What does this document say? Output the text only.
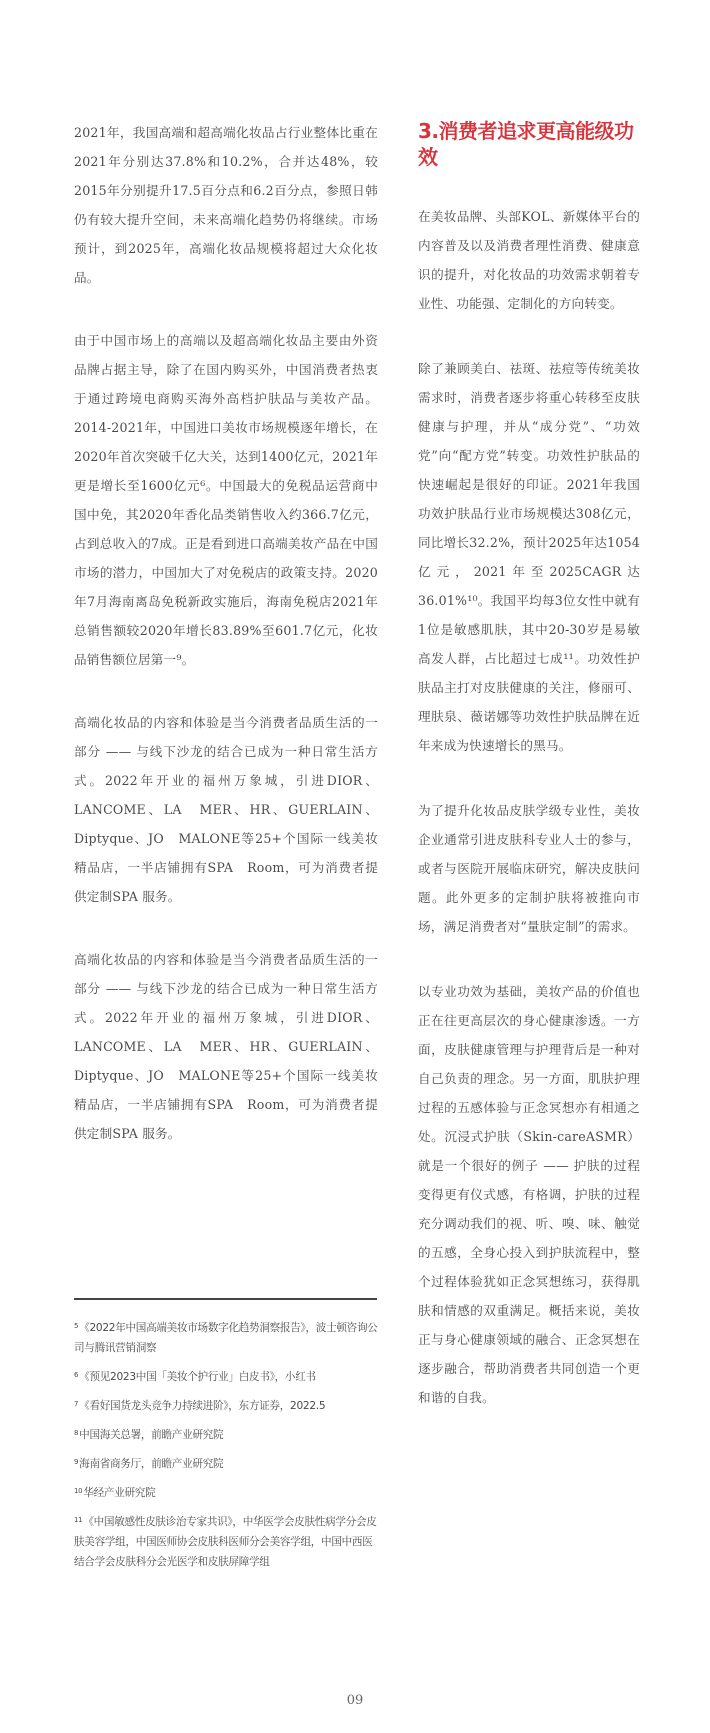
2021年，我国高端和超高端化妆品占行业整体比重在2021年分别达37.8%和10.2%，合并达48%，较2015年分别提升17.5百分点和6.2百分点，参照日韩仍有较大提升空间，未来高端化趋势仍将继续。市场预计，到2025年，高端化妆品规模将超过大众化妆品。

由于中国市场上的高端以及超高端化妆品主要由外资品牌占据主导，除了在国内购买外，中国消费者热衷于通过跨境电商购买海外高档护肤品与美妆产品。2014-2021年，中国进口美妆市场规模逐年增长，在2020年首次突破千亿大关，达到1400亿元，2021年更是增长至1600亿元⁶。中国最大的免税品运营商中国中免，其2020年香化品类销售收入约366.7亿元，占到总收入的7成。正是看到进口高端美妆产品在中国市场的潜力，中国加大了对免税店的政策支持。2020年7月海南离岛免税新政实施后，海南免税店2021年总销售额较2020年增长83.89%至601.7亿元，化妆品销售额位居第一⁹。

高端化妆品的内容和体验是当今消费者品质生活的一部分 —— 与线下沙龙的结合已成为一种日常生活方式。2022年开业的福州万象城，引进DIOR、LANCOME、LA　MER、HR、GUERLAIN、Diptyque、JO　MALONE等25+个国际一线美妆精品店，一半店铺拥有SPA　Room，可为消费者提供定制SPA 服务。

高端化妆品的内容和体验是当今消费者品质生活的一部分 —— 与线下沙龙的结合已成为一种日常生活方式。2022年开业的福州万象城，引进DIOR、LANCOME、LA　MER、HR、GUERLAIN、Diptyque、JO　MALONE等25+个国际一线美妆精品店，一半店铺拥有SPA　Room，可为消费者提供定制SPA 服务。

$^5$《2022年中国高端美妆市场数字化趋势洞察报告》，波士顿咨询公司与腾讯营销洞察
$^6$《预见2023中国「美妆个护行业」白皮书》，小红书
$^7$《看好国货龙头竞争力持续进阶》，东方证券，2022.5
$^8$中国海关总署，前瞻产业研究院
$^9$海南省商务厅，前瞻产业研究院
$^{10}$华经产业研究院
$^{11}$《中国敏感性皮肤诊治专家共识》，中华医学会皮肤性病学分会皮肤美容学组，中国医师协会皮肤科医师分会美容学组，中国中西医结合学会皮肤科分会光医学和皮肤屏障学组
3.消费者追求更高能级功效

在美妆品牌、头部KOL、新媒体平台的内容普及以及消费者理性消费、健康意识的提升，对化妆品的功效需求朝着专业性、功能强、定制化的方向转变。

除了兼顾美白、祛斑、祛痘等传统美妆需求时，消费者逐步将重心转移至皮肤健康与护理，并从“成分党”、“功效党”向“配方党”转变。功效性护肤品的快速崛起是很好的印证。2021年我国功效护肤品行业市场规模达308亿元，同比增长32.2%，预计2025年达1054亿元，2021年至2025CAGR达36.01%¹⁰。我国平均每3位女性中就有1位是敏感肌肤，其中20-30岁是易敏高发人群，占比超过七成¹¹。功效性护肤品主打对皮肤健康的关注，修丽可、理肤泉、薇诺娜等功效性护肤品牌在近年来成为快速增长的黑马。

为了提升化妆品皮肤学级专业性，美妆企业通常引进皮肤科专业人士的参与，或者与医院开展临床研究，解决皮肤问题。此外更多的定制护肤将被推向市场，满足消费者对“量肤定制”的需求。

以专业功效为基础，美妆产品的价值也正在往更高层次的身心健康渗透。一方面，皮肤健康管理与护理背后是一种对自己负责的理念。另一方面，肌肤护理过程的五感体验与正念冥想亦有相通之处。沉浸式护肤（Skin-careASMR）就是一个很好的例子 —— 护肤的过程变得更有仪式感，有格调，护肤的过程充分调动我们的视、听、嗅、味、触觉的五感，全身心投入到护肤流程中，整个过程体验犹如正念冥想练习，获得肌肤和情感的双重满足。概括来说，美妆正与身心健康领域的融合、正念冥想在逐步融合，帮助消费者共同创造一个更和谐的自我。

09
